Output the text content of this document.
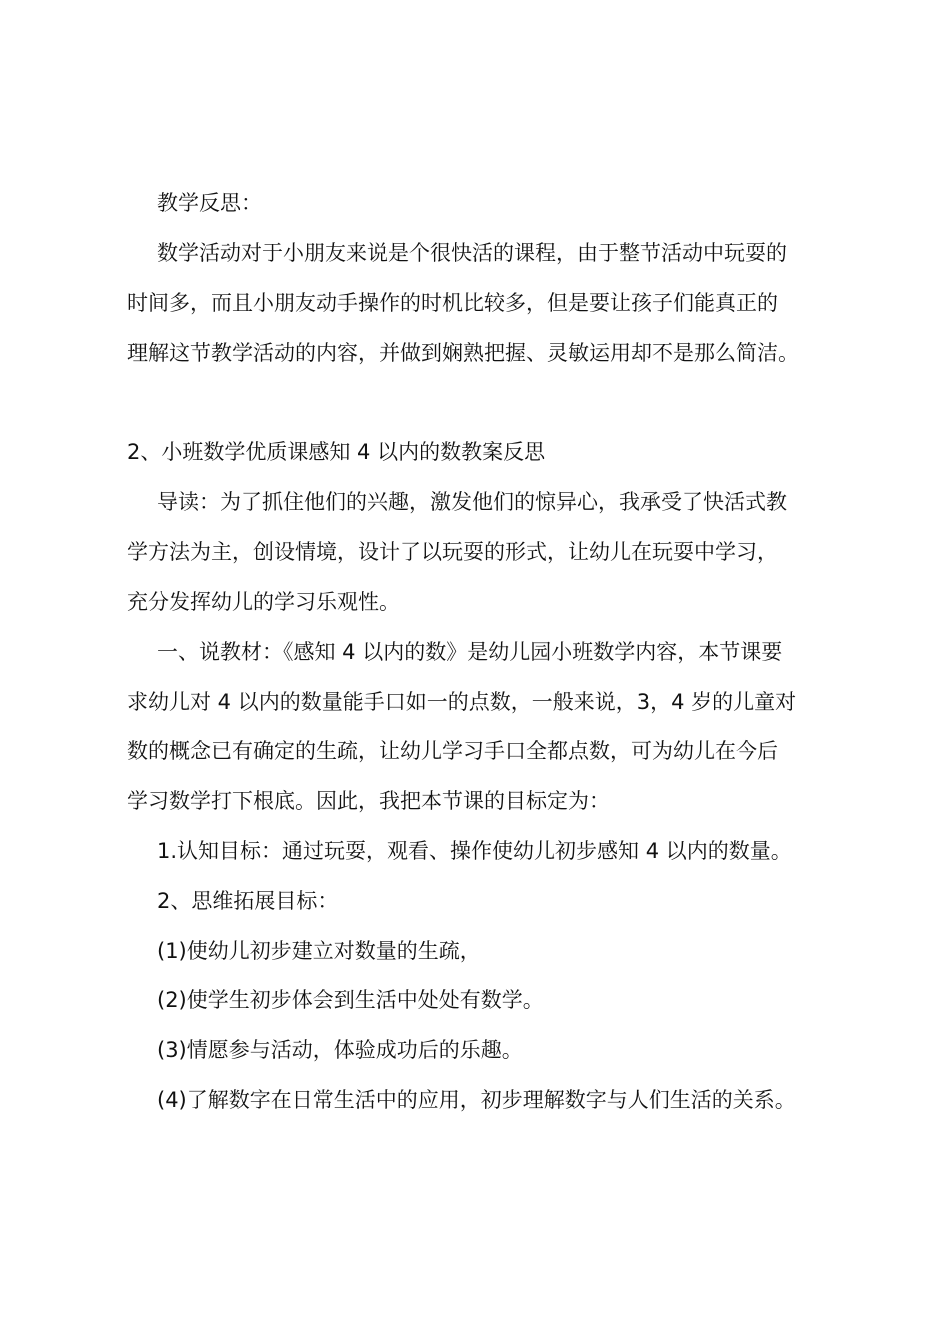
教学反思：
数学活动对于小朋友来说是个很快活的课程，由于整节活动中玩耍的
时间多，而且小朋友动手操作的时机比较多，但是要让孩子们能真正的
理解这节教学活动的内容，并做到娴熟把握、灵敏运用却不是那么简洁。
2、小班数学优质课感知 4 以内的数教案反思
导读：为了抓住他们的兴趣，激发他们的惊异心，我承受了快活式教
学方法为主，创设情境，设计了以玩耍的形式，让幼儿在玩耍中学习，
充分发挥幼儿的学习乐观性。
一、说教材：《感知 4 以内的数》是幼儿园小班数学内容，本节课要
求幼儿对 4 以内的数量能手口如一的点数，一般来说，3，4 岁的儿童对
数的概念已有确定的生疏，让幼儿学习手口全都点数，可为幼儿在今后
学习数学打下根底。因此，我把本节课的目标定为：
1.认知目标：通过玩耍，观看、操作使幼儿初步感知 4 以内的数量。
2、思维拓展目标：
(1)使幼儿初步建立对数量的生疏，
(2)使学生初步体会到生活中处处有数学。
(3)情愿参与活动，体验成功后的乐趣。
(4)了解数字在日常生活中的应用，初步理解数字与人们生活的关系。
